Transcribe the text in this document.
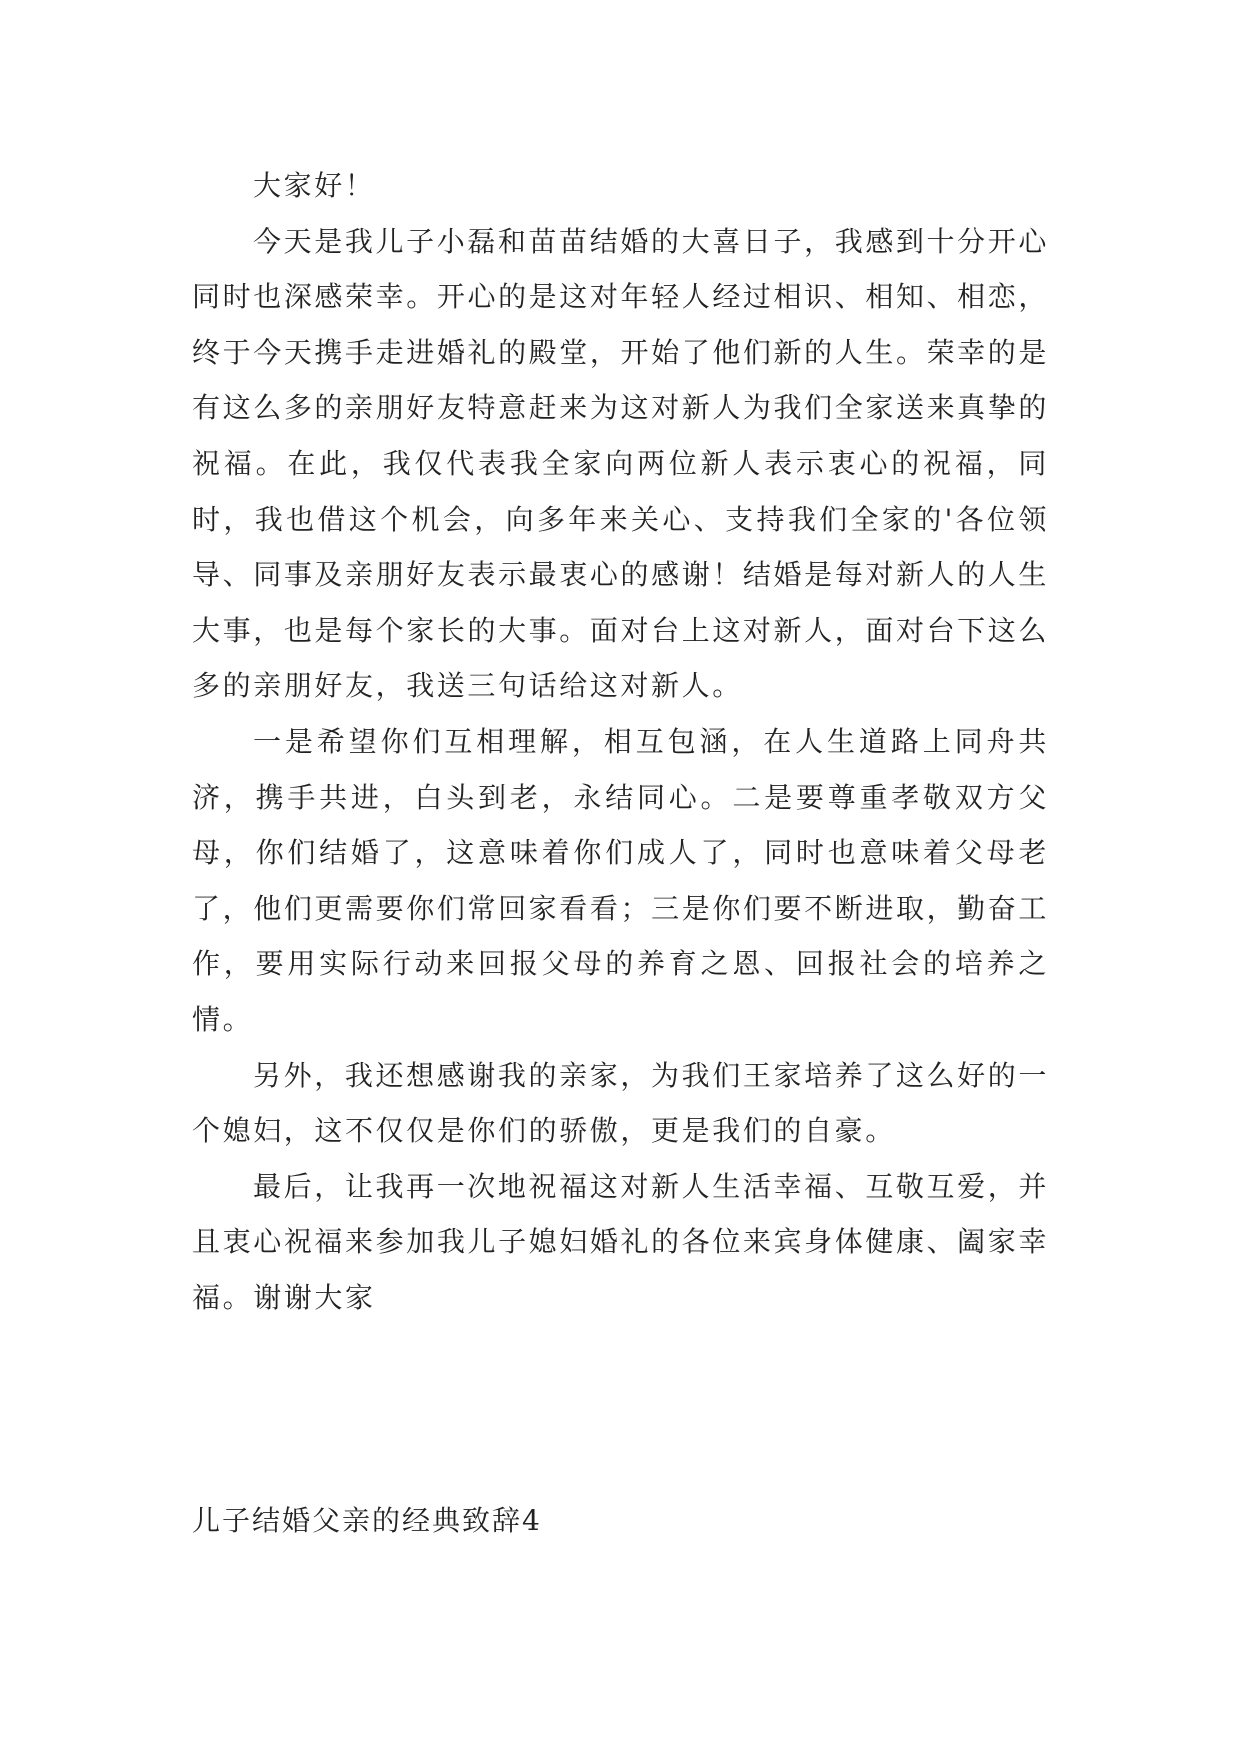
大家好！

今天是我儿子小磊和苗苗结婚的大喜日子，我感到十分开心同时也深感荣幸。开心的是这对年轻人经过相识、相知、相恋，终于今天携手走进婚礼的殿堂，开始了他们新的人生。荣幸的是有这么多的亲朋好友特意赶来为这对新人为我们全家送来真挚的祝福。在此，我仅代表我全家向两位新人表示衷心的祝福，同时，我也借这个机会，向多年来关心、支持我们全家的'各位领导、同事及亲朋好友表示最衷心的感谢！结婚是每对新人的人生大事，也是每个家长的大事。面对台上这对新人，面对台下这么多的亲朋好友，我送三句话给这对新人。

一是希望你们互相理解，相互包涵，在人生道路上同舟共济，携手共进，白头到老，永结同心。二是要尊重孝敬双方父母，你们结婚了，这意味着你们成人了，同时也意味着父母老了，他们更需要你们常回家看看；三是你们要不断进取，勤奋工作，要用实际行动来回报父母的养育之恩、回报社会的培养之情。

另外，我还想感谢我的亲家，为我们王家培养了这么好的一个媳妇，这不仅仅是你们的骄傲，更是我们的自豪。

最后，让我再一次地祝福这对新人生活幸福、互敬互爱，并且衷心祝福来参加我儿子媳妇婚礼的各位来宾身体健康、阖家幸福。谢谢大家

儿子结婚父亲的经典致辞4
